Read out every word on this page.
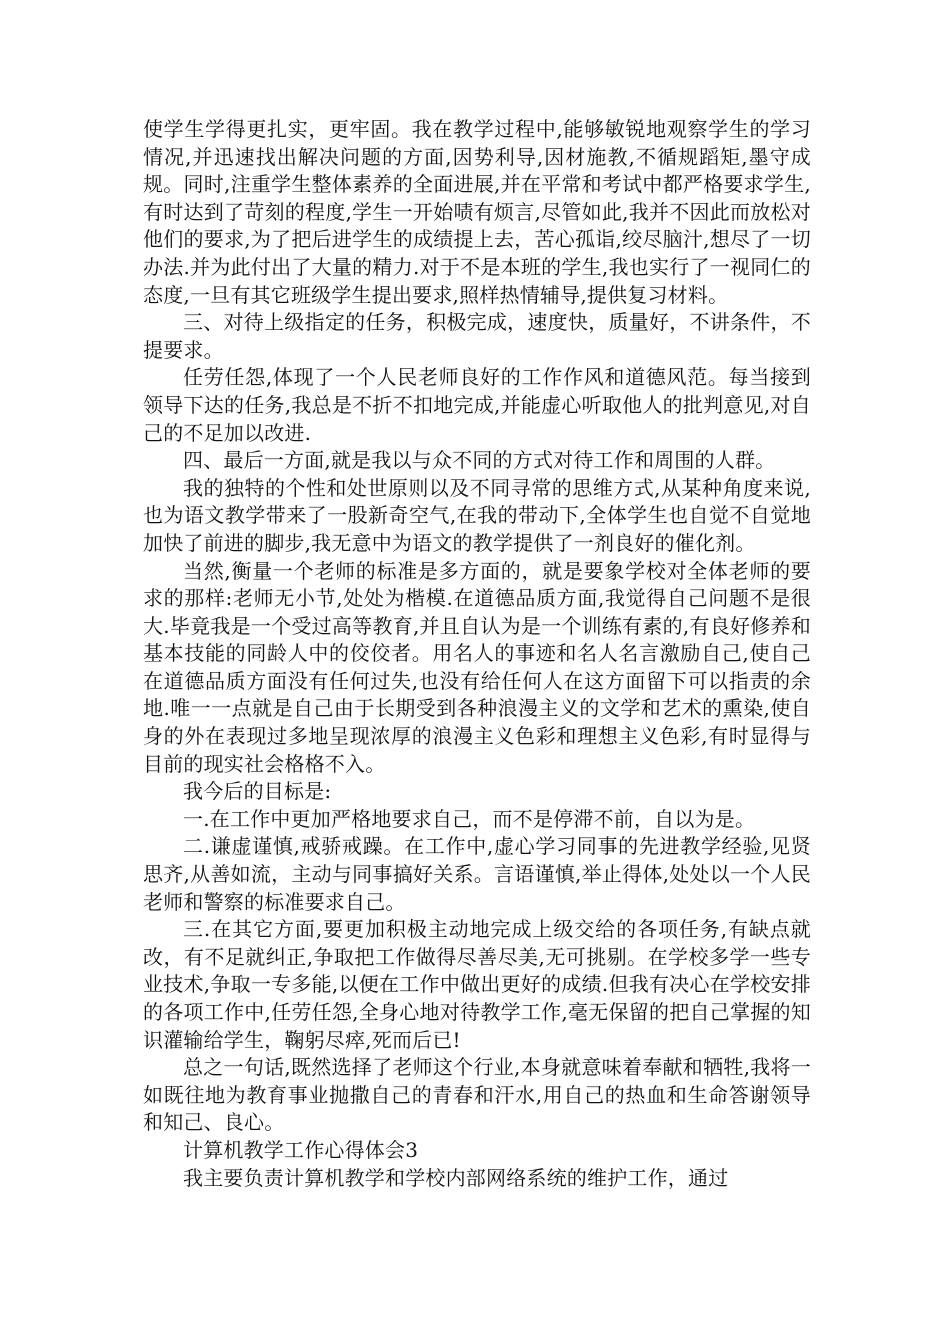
使学生学得更扎实，更牢固。我在教学过程中,能够敏锐地观察学生的学习情况,并迅速找出解决问题的方面,因势利导,因材施教,不循规蹈矩,墨守成规。同时,注重学生整体素养的全面进展,并在平常和考试中都严格要求学生,有时达到了苛刻的程度,学生一开始啧有烦言,尽管如此,我并不因此而放松对他们的要求,为了把后进学生的成绩提上去，苦心孤诣,绞尽脑汁,想尽了一切办法.并为此付出了大量的精力.对于不是本班的学生,我也实行了一视同仁的态度,一旦有其它班级学生提出要求,照样热情辅导,提供复习材料。

三、对待上级指定的任务，积极完成，速度快，质量好，不讲条件，不提要求。

任劳任怨,体现了一个人民老师良好的工作作风和道德风范。每当接到领导下达的任务,我总是不折不扣地完成,并能虚心听取他人的批判意见,对自己的不足加以改进.

四、最后一方面,就是我以与众不同的方式对待工作和周围的人群。

我的独特的个性和处世原则以及不同寻常的思维方式,从某种角度来说,也为语文教学带来了一股新奇空气,在我的带动下,全体学生也自觉不自觉地加快了前进的脚步,我无意中为语文的教学提供了一剂良好的催化剂。

当然,衡量一个老师的标准是多方面的，就是要象学校对全体老师的要求的那样:老师无小节,处处为楷模.在道德品质方面,我觉得自己问题不是很大.毕竟我是一个受过高等教育,并且自认为是一个训练有素的,有良好修养和基本技能的同龄人中的佼佼者。用名人的事迹和名人名言激励自己,使自己在道德品质方面没有任何过失,也没有给任何人在这方面留下可以指责的余地.唯一一点就是自己由于长期受到各种浪漫主义的文学和艺术的熏染,使自身的外在表现过多地呈现浓厚的浪漫主义色彩和理想主义色彩,有时显得与目前的现实社会格格不入。

我今后的目标是:

一.在工作中更加严格地要求自己，而不是停滞不前，自以为是。

二.谦虚谨慎,戒骄戒躁。在工作中,虚心学习同事的先进教学经验,见贤思齐,从善如流，主动与同事搞好关系。言语谨慎,举止得体,处处以一个人民老师和警察的标准要求自己。

三.在其它方面,要更加积极主动地完成上级交给的各项任务,有缺点就改，有不足就纠正,争取把工作做得尽善尽美,无可挑剔。在学校多学一些专业技术,争取一专多能,以便在工作中做出更好的成绩.但我有决心在学校安排的各项工作中,任劳任怨,全身心地对待教学工作,毫无保留的把自己掌握的知识灌输给学生，鞠躬尽瘁,死而后已!

总之一句话,既然选择了老师这个行业,本身就意味着奉献和牺牲,我将一如既往地为教育事业抛撒自己的青春和汗水,用自己的热血和生命答谢领导和知己、良心。

计算机教学工作心得体会3

我主要负责计算机教学和学校内部网络系统的维护工作，通过
